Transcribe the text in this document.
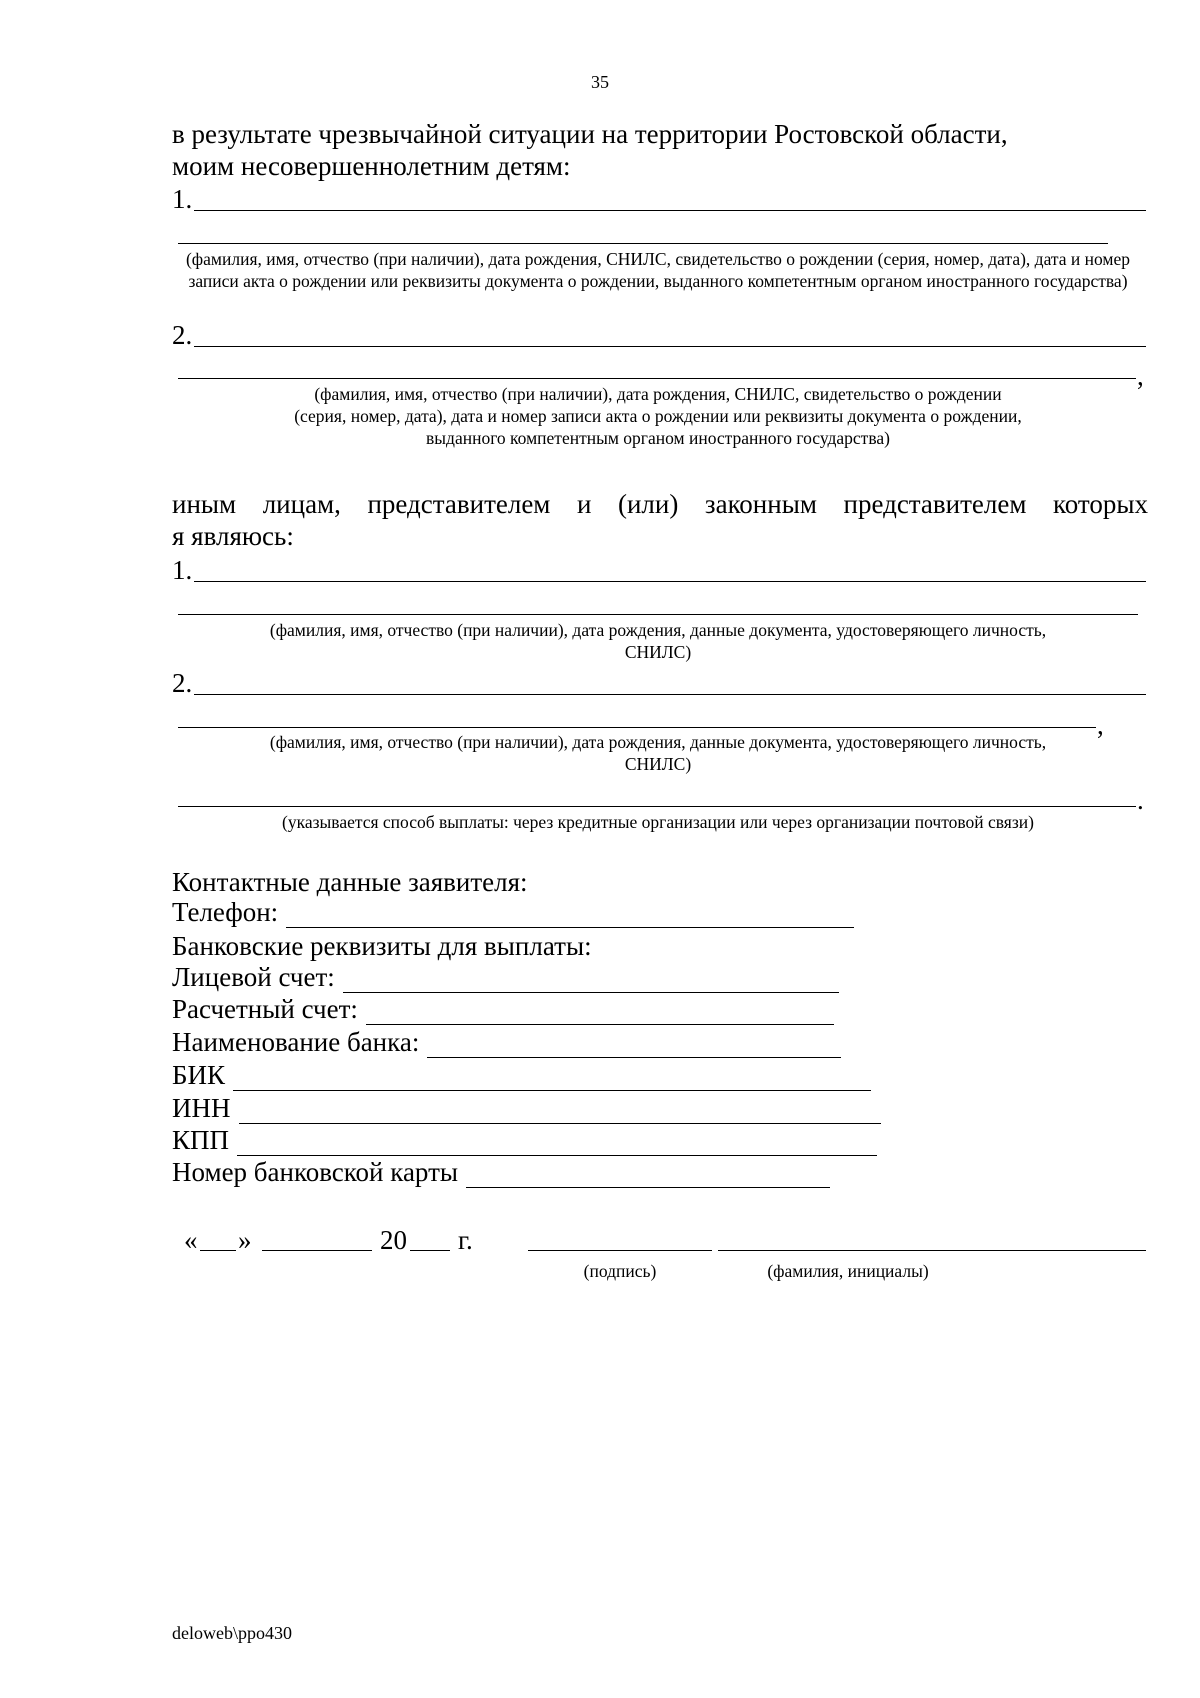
35
в результате чрезвычайной ситуации на территории Ростовской области,
моим несовершеннолетним детям:
1.
(фамилия, имя, отчество (при наличии), дата рождения, СНИЛС, свидетельство о рождении (серия, номер, дата), дата и номер записи акта о рождении или реквизиты документа о рождении, выданного компетентным органом иностранного государства)
2.
,
(фамилия, имя, отчество (при наличии), дата рождения, СНИЛС, свидетельство о рождении
(серия, номер, дата), дата и номер записи акта о рождении или реквизиты документа о рождении,
выданного компетентным органом иностранного государства)
иным лицам, представителем и (или) законным представителем которых
я являюсь:
1.
(фамилия, имя, отчество (при наличии), дата рождения, данные документа, удостоверяющего личность,
СНИЛС)
2.
,
(фамилия, имя, отчество (при наличии), дата рождения, данные документа, удостоверяющего личность,
СНИЛС)
.
(указывается способ выплаты: через кредитные организации или через организации почтовой связи)
Контактные данные заявителя:
Телефон:
Банковские реквизиты для выплаты:
Лицевой счет:
Расчетный счет:
Наименование банка:
БИК
ИНН
КПП
Номер банковской карты
« »	20 г.
(подпись)	(фамилия, инициалы)
deloweb\ppo430
